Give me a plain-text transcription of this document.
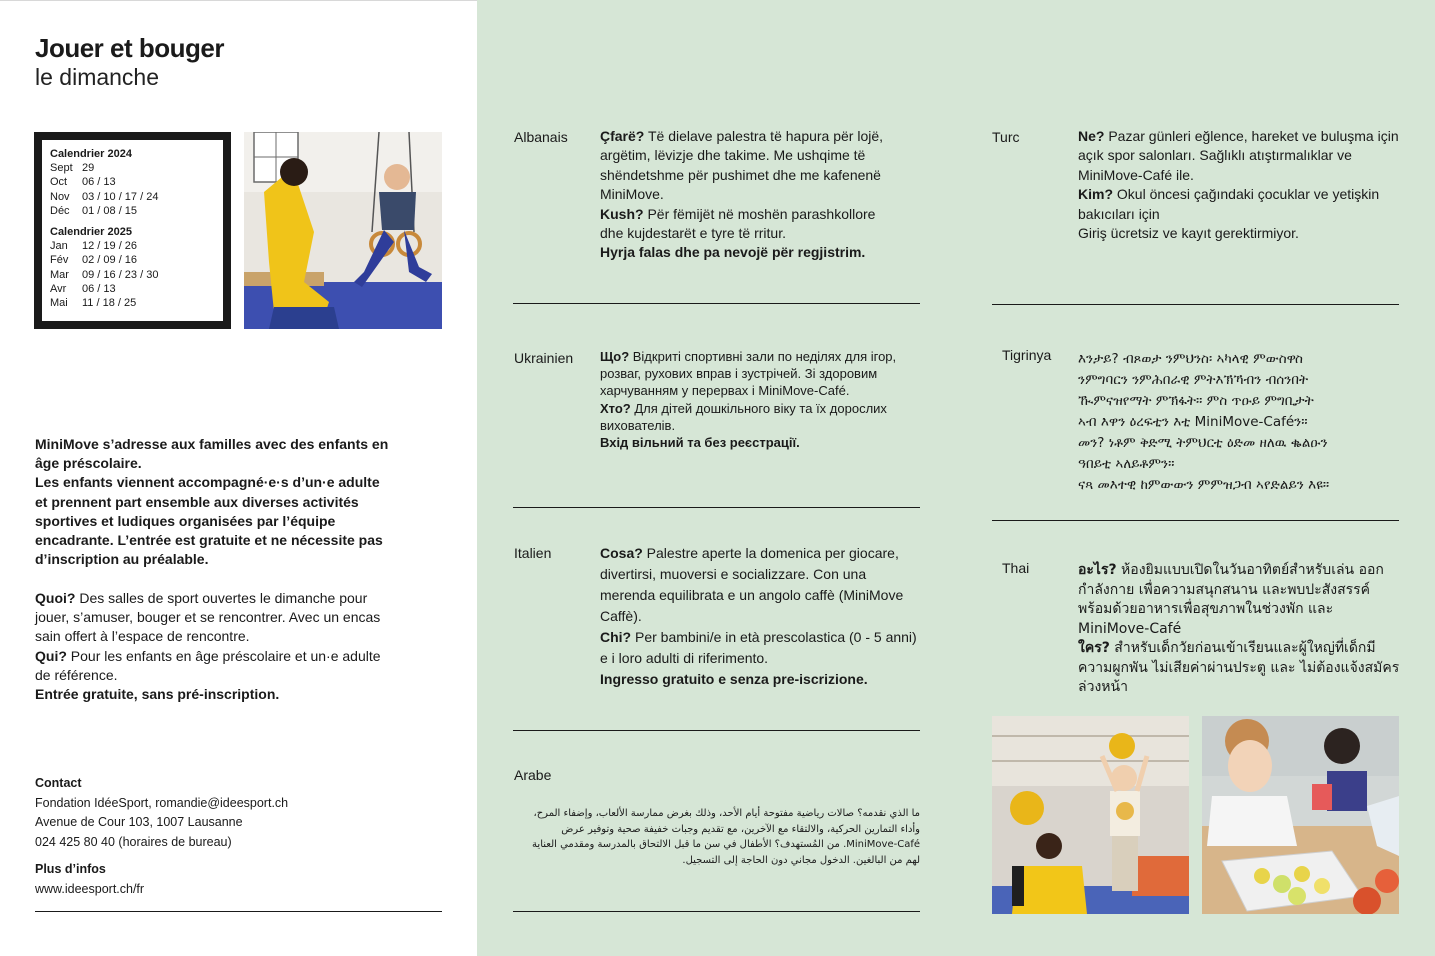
Jouer et bouger
le dimanche
Calendrier 2024
Sept 29
Oct	06 / 13
Nov	03 / 10 / 17 / 24
Déc	01 / 08 / 15
Calendrier 2025
Jan	12 / 19 / 26
Fév	02 / 09 / 16
Mar	09 / 16 / 23 / 30
Avr	06 / 13
Mai	11 / 18 / 25
MiniMove s’adresse aux familles avec des enfants en âge préscolaire.
Les enfants viennent accompagné·e·s d’un·e adulte et prennent part ensemble aux diverses activités sportives et ludiques organisées par l’équipe encadrante. L’entrée est gratuite et ne nécessite pas d’inscription au préalable.
Quoi? Des salles de sport ouvertes le dimanche pour jouer, s’amuser, bouger et se rencontrer. Avec un encas sain offert à l’espace de rencontre.
Qui? Pour les enfants en âge préscolaire et un·e adulte de référence.
Entrée gratuite, sans pré-inscription.
Contact
Fondation IdéeSport, romandie@ideesport.ch
Avenue de Cour 103, 1007 Lausanne
024 425 80 40 (horaires de bureau)
Plus d’infos
www.ideesport.ch/fr
Albanais Çfarë? Të dielave palestra të hapura për lojë, argëtim, lëvizje dhe takime. Me ushqime të shëndetshme për pushimet dhe me kafenenë MiniMove.
Kush? Për fëmijët në moshën parashkollore dhe kujdestarët e tyre të rritur.
Hyrja falas dhe pa nevojë për regjistrim.
Ukrainien Що? Відкриті спортивні зали по неділях для ігор, розваг, рухових вправ і зустрічей. Зі здоровим харчуванням у перервах і MiniMove-Café.
Хто? Для дітей дошкільного віку та їх дорослих вихователів.
Вхід вільний та без реєстрації.
Italien	Cosa? Palestre aperte la domenica per giocare, divertirsi, muoversi e socializzare. Con una merenda equilibrata e un angolo caffè (MiniMove Caffè).
Chi? Per bambini/e in età prescolastica (0 - 5 anni) e i loro adulti di riferimento.
Ingresso gratuito e senza pre-iscrizione.
Arabe
ما الذي نقدمه؟ صالات رياضية مفتوحة أيام الأحد، وذلك بغرض ممارسة الألعاب، وإضفاء المرح، وأداء التمارين الحركية، والالتقاء مع الآخرين، مع تقديم وجبات خفيفة صحية وتوفير عرض MiniMove-Café. من المُستهدف؟ الأطفال في سن ما قبل الالتحاق بالمدرسة ومقدمي العناية لهم من البالغين. الدخول مجاني دون الحاجة إلى التسجيل.
Turc	Ne? Pazar günleri eğlence, hareket ve buluşma için açık spor salonları. Sağlıklı atıştırmalıklar ve MiniMove-Café ile.
Kim? Okul öncesi çağındaki çocuklar ve yetişkin bakıcıları için
Giriş ücretsiz ve kayıt gerektirmiyor.
Tigrinya እንታይ? ብጾወታ ንምህንስ፡ ኣካላዊ ምውስዋስ
ንምግባርን ንምሕበራዊ ምትእኽኻብን ብሰንበት
ዂምናዝየማት ምኽፋት። ምስ ጥዑይ ምግቢታት
ኣብ እዋን ዕረፍቲን እቲ MiniMove-Caféን።
መን? ነቶም ቅድሚ ትምህርቲ ዕድመ ዘለዉ ቈልዑን
ዓበይቲ ኣለይቶምን።
ናጻ መእተዊ ከም‌ውውን ምምዝጋብ ኣየድልይን እዩ።
Thai	อะไร? ห้องยิมแบบเปิดในวันอาทิตย์สำหรับเล่น ออกกำลังกาย เพื่อความสนุกสนาน และพบปะสังสรรค์ พร้อมด้วยอาหารเพื่อสุขภาพในช่วงพัก และ
MiniMove-Café
ใคร? สำหรับเด็กวัยก่อนเข้าเรียนและผู้ใหญ่ที่เด็กมีความผูกพัน ไม่เสียค่าผ่านประตู และ ไม่ต้องแจ้งสมัครล่วงหน้า
